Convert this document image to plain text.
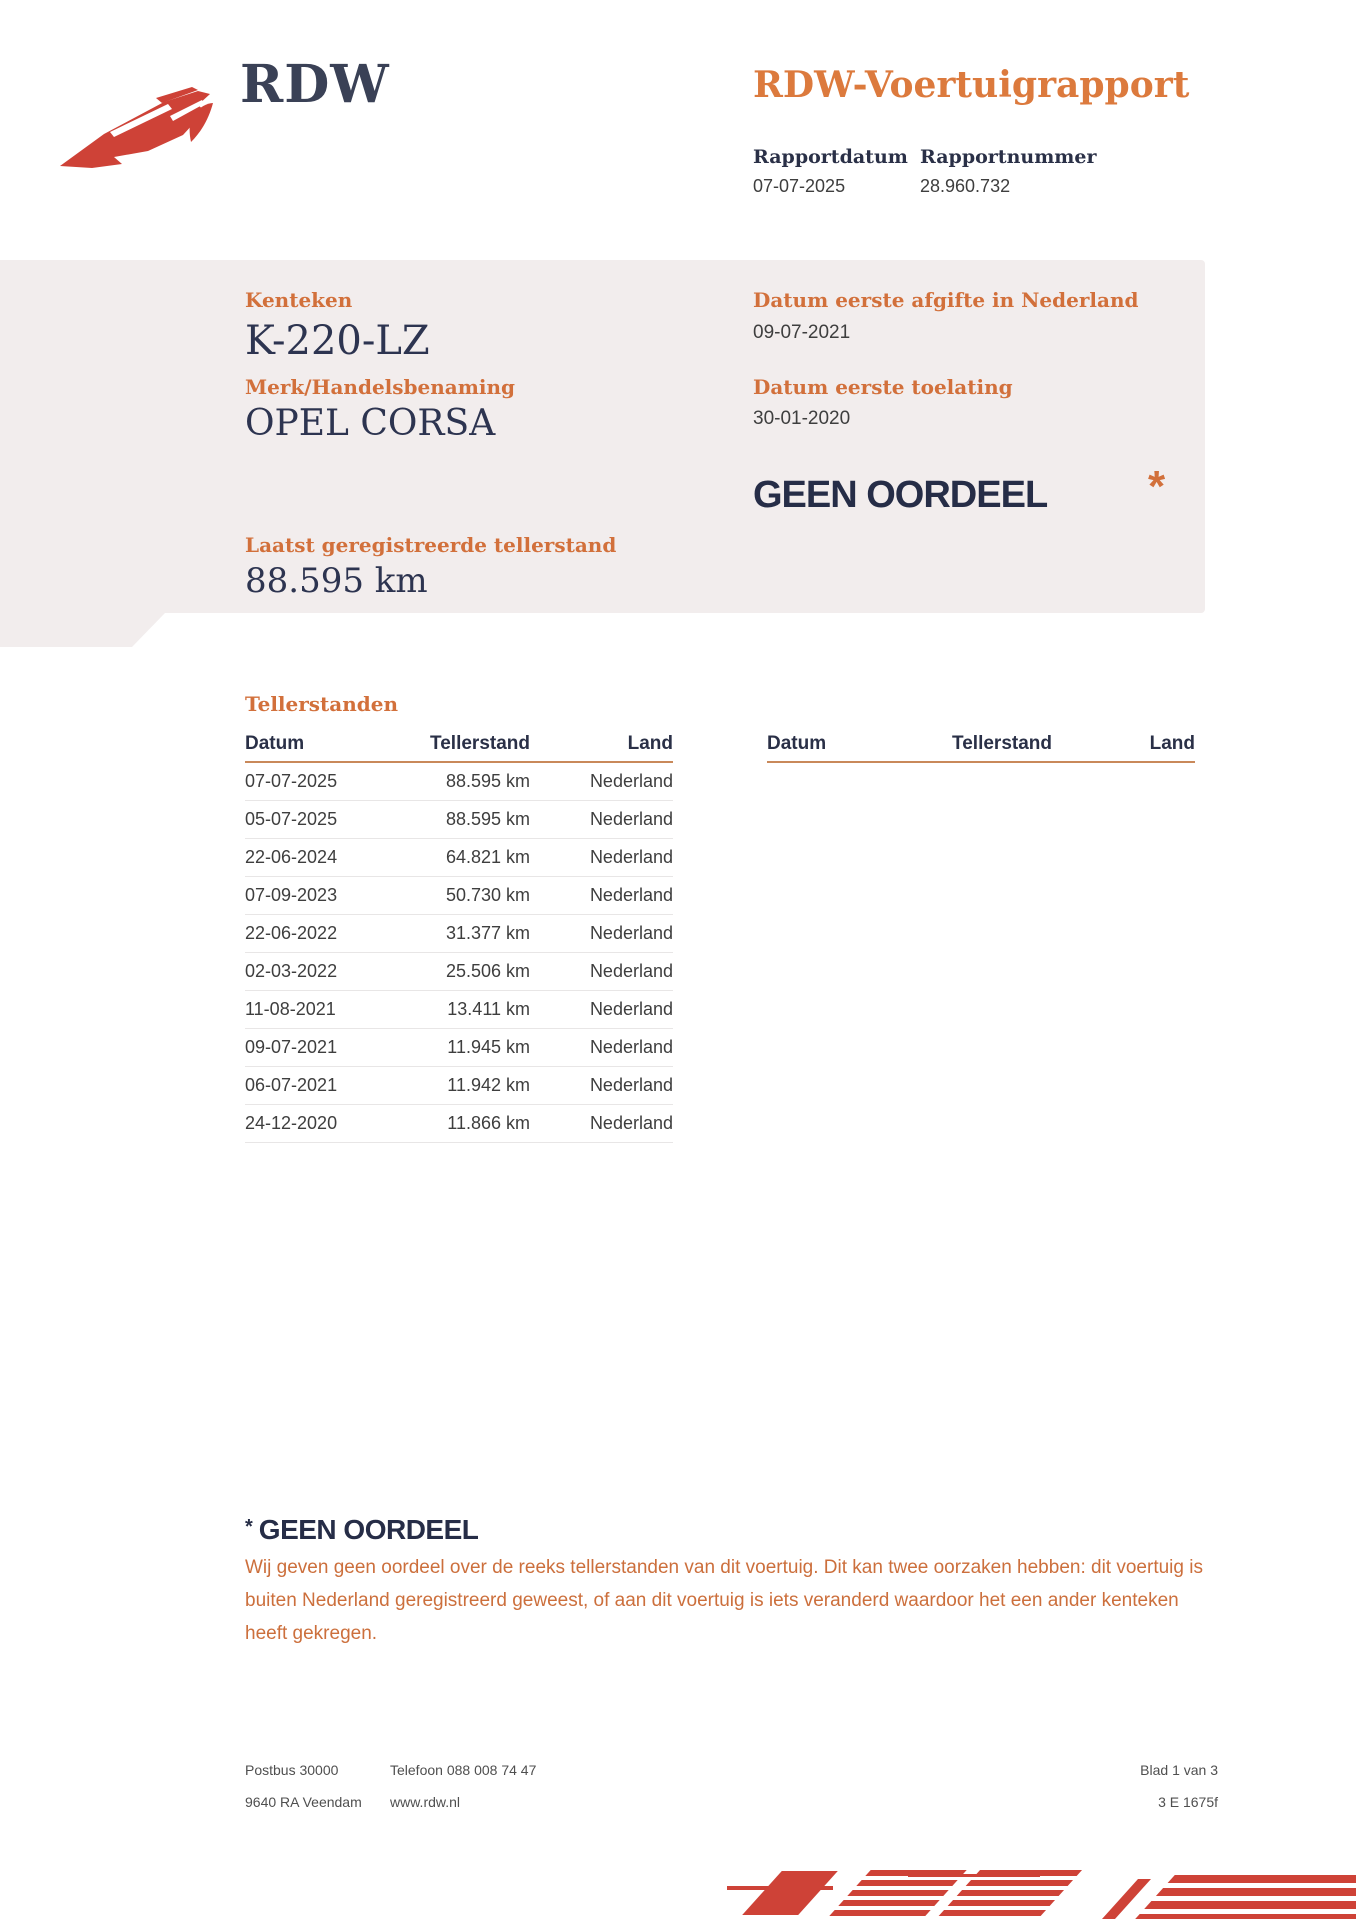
RDW	RDW-Voertuigrapport
Rapportdatum Rapportnummer
07-07-2025	28.960.732
Kenteken
K-220-LZ
Merk/Handelsbenaming
OPEL CORSA
Laatst geregistreerde tellerstand
88.595 km
Datum eerste afgifte in Nederland
09-07-2021
Datum eerste toelating
30-01-2020
GEEN OORDEEL *
Tellerstanden
Datum	Tellerstand	Land
07-07-2025	88.595 km	Nederland
05-07-2025	88.595 km	Nederland
22-06-2024	64.821 km	Nederland
07-09-2023	50.730 km	Nederland
22-06-2022	31.377 km	Nederland
02-03-2022	25.506 km	Nederland
11-08-2021	13.411 km	Nederland
09-07-2021	11.945 km	Nederland
06-07-2021	11.942 km	Nederland
24-12-2020	11.866 km	Nederland
Datum	Tellerstand	Land
* GEEN OORDEEL
Wij geven geen oordeel over de reeks tellerstanden van dit voertuig. Dit kan twee oorzaken hebben: dit voertuig is buiten Nederland geregistreerd geweest, of aan dit voertuig is iets veranderd waardoor het een ander kenteken heeft gekregen.
Postbus 30000	Telefoon 088 008 74 47
9640 RA Veendam www.rdw.nl
Blad 1 van 3
3 E 1675f
